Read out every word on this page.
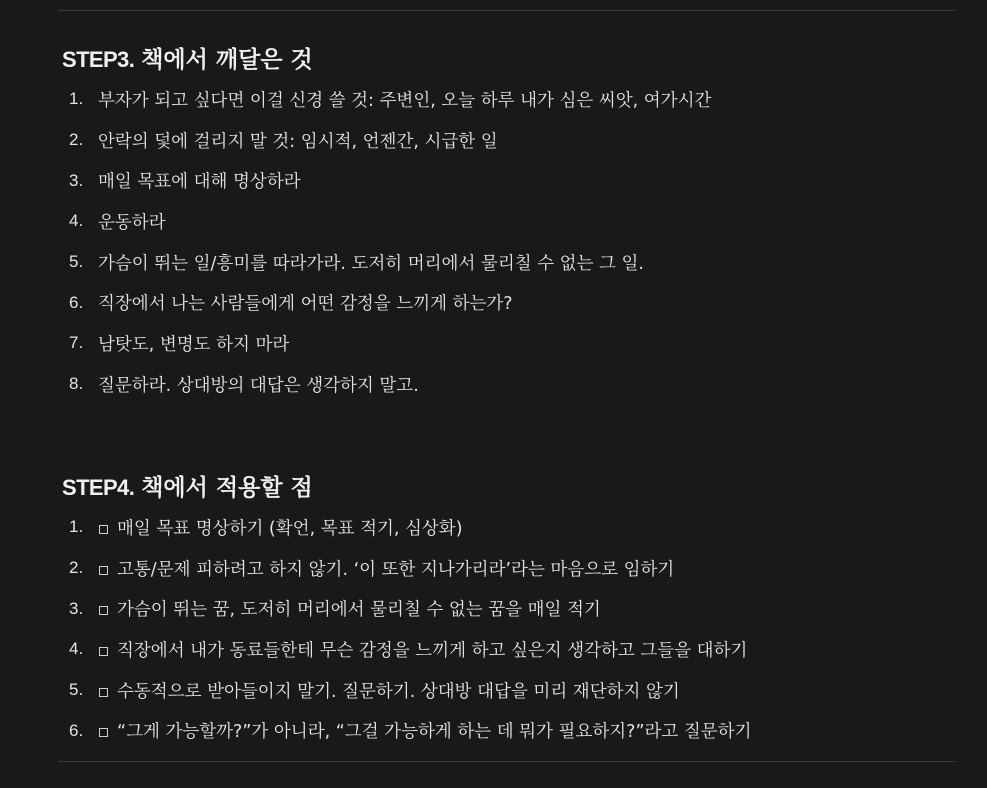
STEP3. 책에서 깨달은 것
1. 부자가 되고 싶다면 이걸 신경 쓸 것: 주변인, 오늘 하루 내가 심은 씨앗, 여가시간
2. 안락의 덫에 걸리지 말 것: 임시적, 언젠간, 시급한 일
3. 매일 목표에 대해 명상하라
4. 운동하라
5. 가슴이 뛰는 일/흥미를 따라가라. 도저히 머리에서 물리칠 수 없는 그 일.
6. 직장에서 나는 사람들에게 어떤 감정을 느끼게 하는가?
7. 남탓도, 변명도 하지 마라
8. 질문하라. 상대방의 대답은 생각하지 말고.
STEP4. 책에서 적용할 점
1.	매일 목표 명상하기 (확언, 목표 적기, 심상화)
2.	고통/문제 피하려고 하지 않기. ‘이 또한 지나가리라’라는 마음으로 임하기
3.	가슴이 뛰는 꿈, 도저히 머리에서 물리칠 수 없는 꿈을 매일 적기
4.	직장에서 내가 동료들한테 무슨 감정을 느끼게 하고 싶은지 생각하고 그들을 대하기
5.	수동적으로 받아들이지 말기. 질문하기. 상대방 대답을 미리 재단하지 않기
6.	“그게 가능할까?”가 아니라, “그걸 가능하게 하는 데 뭐가 필요하지?”라고 질문하기
